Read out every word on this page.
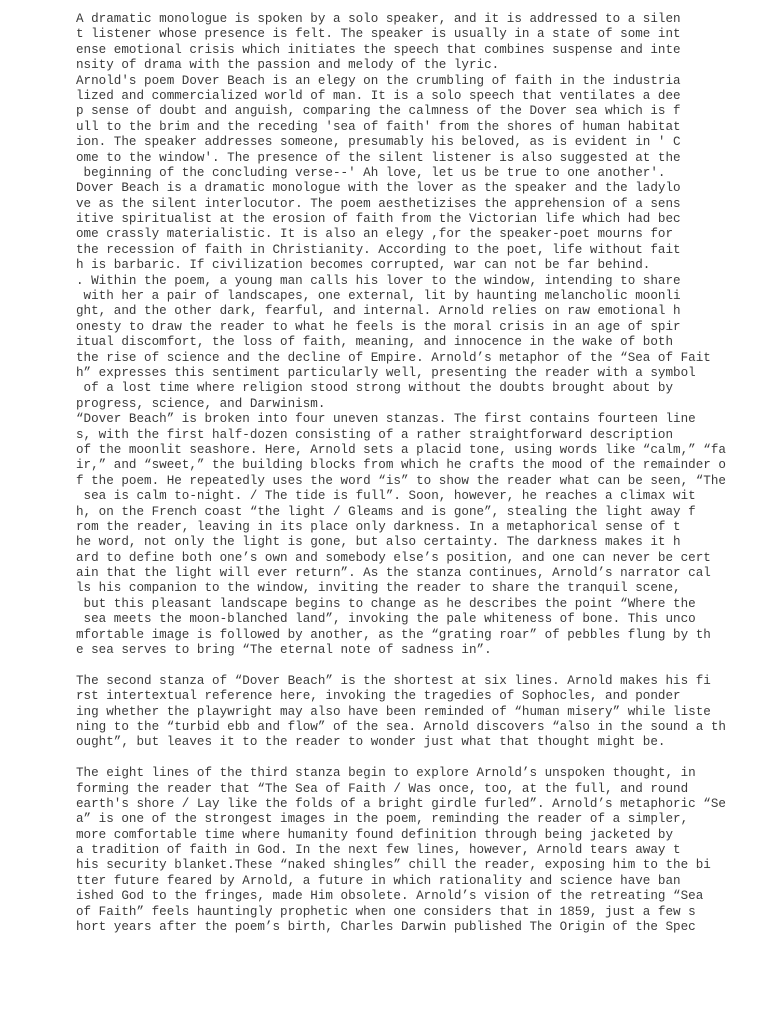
A dramatic monologue is spoken by a solo speaker, and it is addressed to a silen
t listener whose presence is felt. The speaker is usually in a state of some int
ense emotional crisis which initiates the speech that combines suspense and inte
nsity of drama with the passion and melody of the lyric.
Arnold's poem Dover Beach is an elegy on the crumbling of faith in the industria
lized and commercialized world of man. It is a solo speech that ventilates a dee
p sense of doubt and anguish, comparing the calmness of the Dover sea which is f
ull to the brim and the receding 'sea of faith' from the shores of human habitat
ion. The speaker addresses someone, presumably his beloved, as is evident in ' C
ome to the window'. The presence of the silent listener is also suggested at the
beginning of the concluding verse--' Ah love, let us be true to one another'.
Dover Beach is a dramatic monologue with the lover as the speaker and the ladylo
ve as the silent interlocutor. The poem aesthetizises the apprehension of a sens
itive spiritualist at the erosion of faith from the Victorian life which had bec
ome crassly materialistic. It is also an elegy ,for the speaker-poet mourns for
the recession of faith in Christianity. According to the poet, life without fait
h is barbaric. If civilization becomes corrupted, war can not be far behind.
. Within the poem, a young man calls his lover to the window, intending to share
with her a pair of landscapes, one external, lit by haunting melancholic moonli
ght, and the other dark, fearful, and internal. Arnold relies on raw emotional h
onesty to draw the reader to what he feels is the moral crisis in an age of spir
itual discomfort, the loss of faith, meaning, and innocence in the wake of both
the rise of science and the decline of Empire. Arnold’s metaphor of the “Sea of Fait
h” expresses this sentiment particularly well, presenting the reader with a symbol
of a lost time where religion stood strong without the doubts brought about by
progress, science, and Darwinism.
“Dover Beach” is broken into four uneven stanzas. The first contains fourteen line
s, with the first half-dozen consisting of a rather straightforward description
of the moonlit seashore. Here, Arnold sets a placid tone, using words like “calm,” “fa
ir,” and “sweet,” the building blocks from which he crafts the mood of the remainder o
f the poem. He repeatedly uses the word “is” to show the reader what can be seen, “The
sea is calm to-night. / The tide is full”. Soon, however, he reaches a climax wit
h, on the French coast “the light / Gleams and is gone”, stealing the light away f
rom the reader, leaving in its place only darkness. In a metaphorical sense of t
he word, not only the light is gone, but also certainty. The darkness makes it h
ard to define both one’s own and somebody else’s position, and one can never be cert
ain that the light will ever return”. As the stanza continues, Arnold’s narrator cal
ls his companion to the window, inviting the reader to share the tranquil scene,
but this pleasant landscape begins to change as he describes the point “Where the
sea meets the moon-blanched land”, invoking the pale whiteness of bone. This unco
mfortable image is followed by another, as the “grating roar” of pebbles flung by th
e sea serves to bring “The eternal note of sadness in”.
The second stanza of “Dover Beach” is the shortest at six lines. Arnold makes his fi
rst intertextual reference here, invoking the tragedies of Sophocles, and ponder
ing whether the playwright may also have been reminded of “human misery” while liste
ning to the “turbid ebb and flow” of the sea. Arnold discovers “also in the sound a th
ought”, but leaves it to the reader to wonder just what that thought might be.
The eight lines of the third stanza begin to explore Arnold’s unspoken thought, in
forming the reader that “The Sea of Faith / Was once, too, at the full, and round
earth's shore / Lay like the folds of a bright girdle furled”. Arnold’s metaphoric “Se
a” is one of the strongest images in the poem, reminding the reader of a simpler,
more comfortable time where humanity found definition through being jacketed by
a tradition of faith in God. In the next few lines, however, Arnold tears away t
his security blanket.These “naked shingles” chill the reader, exposing him to the bi
tter future feared by Arnold, a future in which rationality and science have ban
ished God to the fringes, made Him obsolete. Arnold’s vision of the retreating “Sea
of Faith” feels hauntingly prophetic when one considers that in 1859, just a few s
hort years after the poem’s birth, Charles Darwin published The Origin of the Spec
